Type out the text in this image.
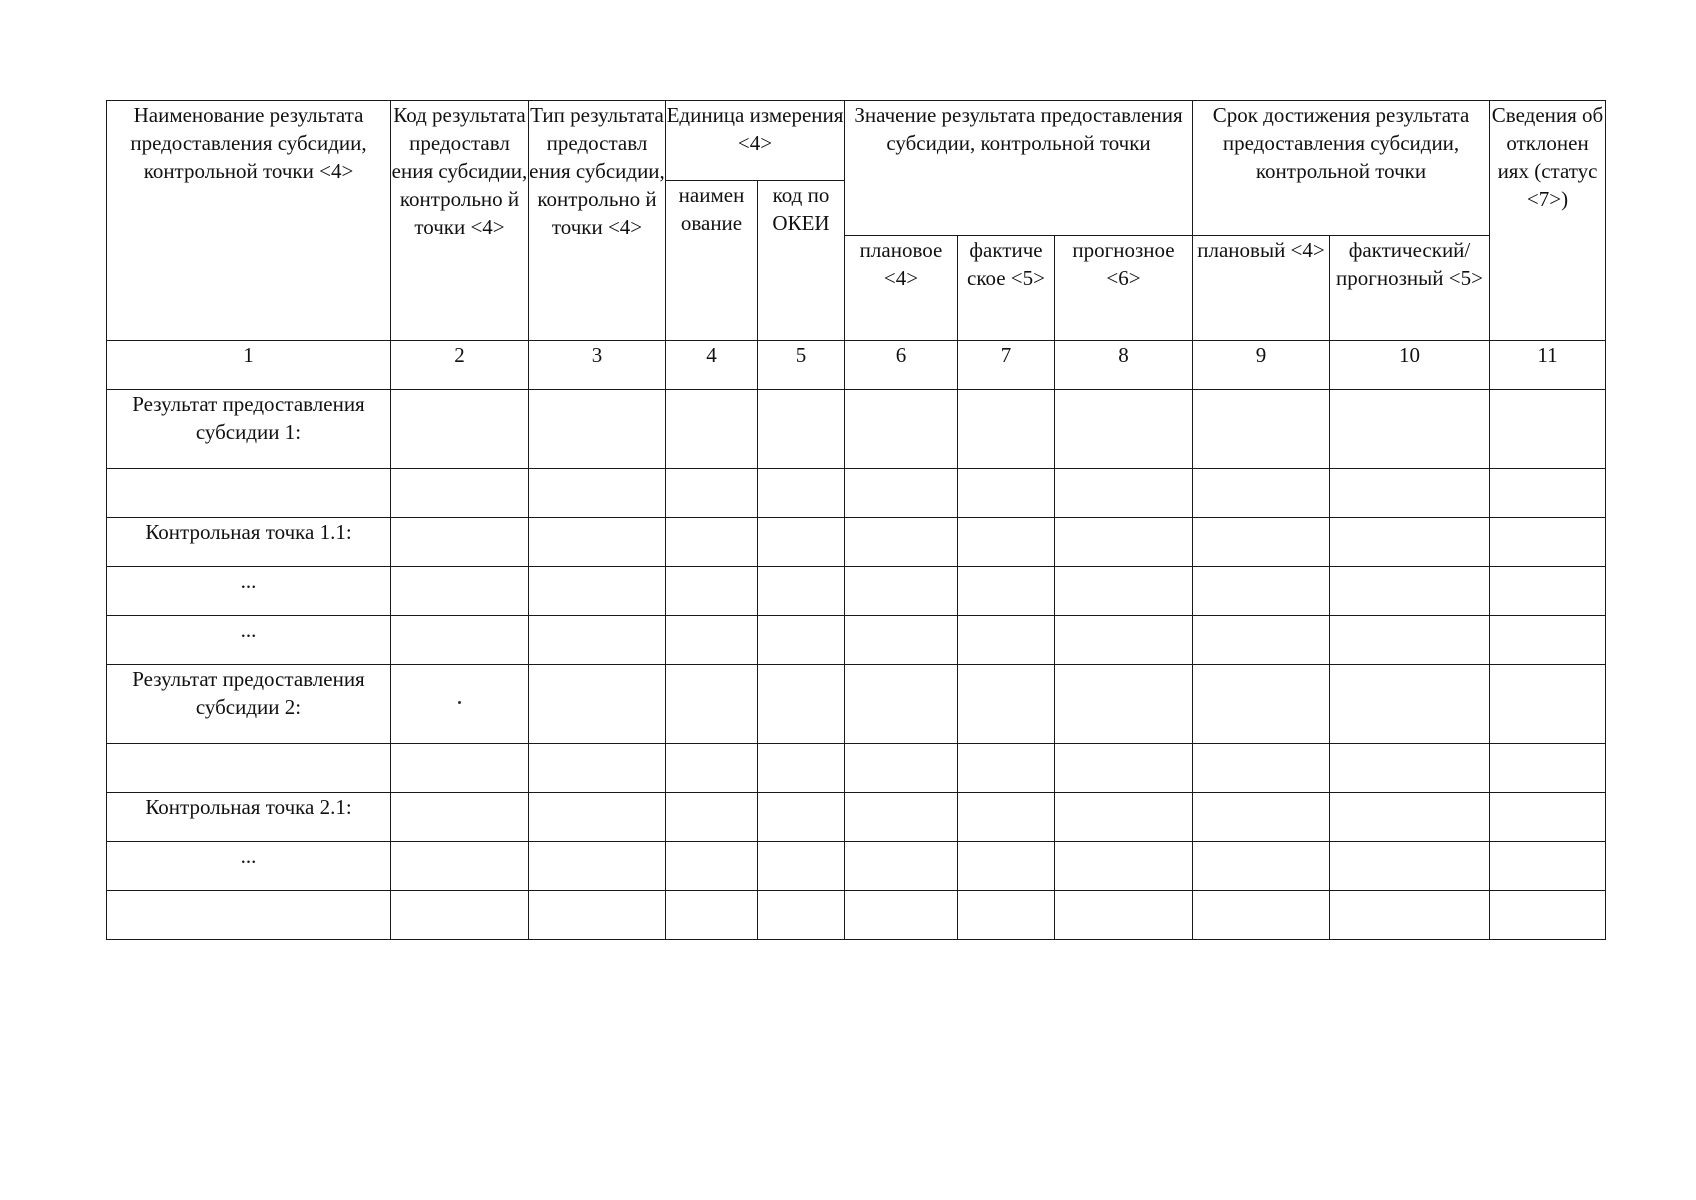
Наименование результата предоставления субсидии, контрольной точки <4>	Код результата предоставл ения субсидии, контрольно й точки <4>	Тип результата предоставл ения субсидии, контрольно й точки <4>	Единица измерения <4>		Значение результата предоставления субсидии, контрольной точки			Срок достижения результата предоставления субсидии, контрольной точки		Сведения об отклонен иях (статус <7>)
			наимен ование	код по ОКЕИ						
					плановое <4>	фактиче ское <5>	прогнозное <6>	плановый <4>	фактический/ прогнозный <5>	
1	2	3	4	5	6	7	8	9	10	11
Результат предоставления субсидии 1:										

Контрольная точка 1.1:										
...										
...										
Результат предоставления субсидии 2:										

Контрольная точка 2.1:										
...										
